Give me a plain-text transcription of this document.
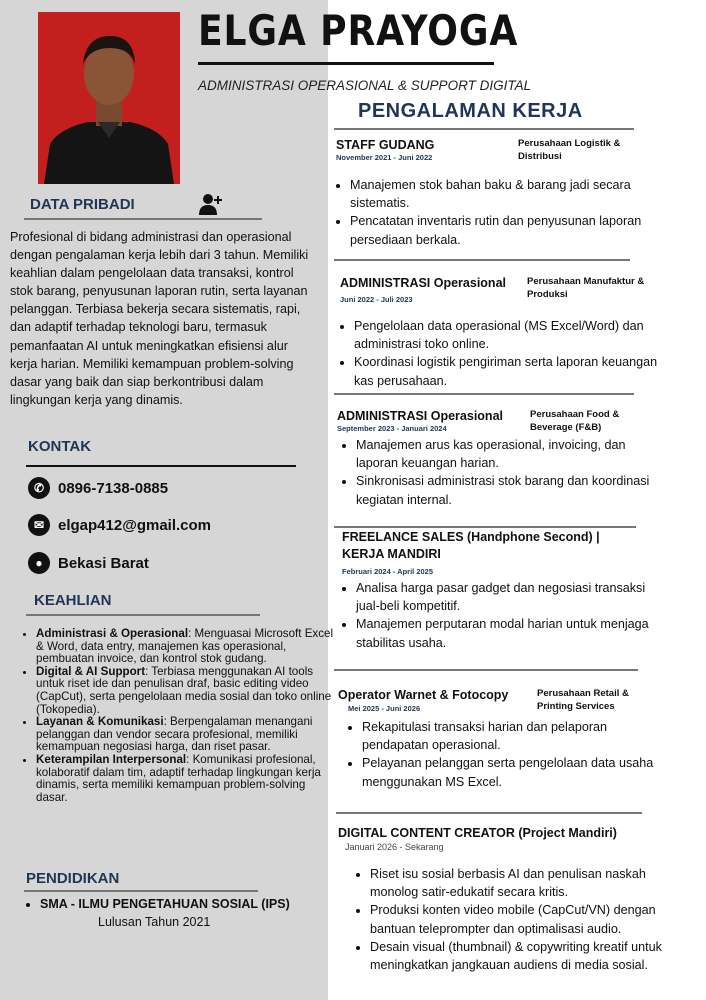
ELGA PRAYOGA
ADMINISTRASI OPERASIONAL & SUPPORT DIGITAL
DATA PRIBADI
Profesional di bidang administrasi dan operasional dengan pengalaman kerja lebih dari 3 tahun. Memiliki keahlian dalam pengelolaan data transaksi, kontrol stok barang, penyusunan laporan rutin, serta layanan pelanggan. Terbiasa bekerja secara sistematis, rapi, dan adaptif terhadap teknologi baru, termasuk pemanfaatan AI untuk meningkatkan efisiensi alur kerja harian. Memiliki kemampuan problem-solving dasar yang baik dan siap berkontribusi dalam lingkungan kerja yang dinamis.
KONTAK
✆ 0896-7138-0885
✉ elgap412@gmail.com
●	Bekasi Barat
KEAHLIAN
• Administrasi & Operasional: Menguasai Microsoft Excel & Word, data entry, manajemen kas operasional, pembuatan invoice, dan kontrol stok gudang.
• Digital & AI Support: Terbiasa menggunakan AI tools untuk riset ide dan penulisan draf, basic editing video (CapCut), serta pengelolaan media sosial dan toko online (Tokopedia).
• Layanan & Komunikasi: Berpengalaman menangani pelanggan dan vendor secara profesional, memiliki kemampuan negosiasi harga, dan riset pasar.
• Keterampilan Interpersonal: Komunikasi profesional, kolaboratif dalam tim, adaptif terhadap lingkungan kerja dinamis, serta memiliki kemampuan problem-solving dasar.
PENDIDIKAN
• SMA - ILMU PENGETAHUAN SOSIAL (IPS)
Lulusan Tahun 2021
PENGALAMAN KERJA
STAFF GUDANG
November 2021 - Juni 2022
Perusahaan Logistik & Distribusi
• Manajemen stok bahan baku & barang jadi secara sistematis.
• Pencatatan inventaris rutin dan penyusunan laporan persediaan berkala.
ADMINISTRASI Operasional
Juni 2022 - Juli 2023
Perusahaan Manufaktur & Produksi
• Pengelolaan data operasional (MS Excel/Word) dan administrasi toko online.
• Koordinasi logistik pengiriman serta laporan keuangan kas perusahaan.
ADMINISTRASI Operasional
September 2023 - Januari 2024
Perusahaan Food & Beverage (F&B)
• Manajemen arus kas operasional, invoicing, dan laporan keuangan harian.
• Sinkronisasi administrasi stok barang dan koordinasi kegiatan internal.
FREELANCE SALES (Handphone Second) |
KERJA MANDIRI
Februari 2024 - April 2025
• Analisa harga pasar gadget dan negosiasi transaksi jual-beli kompetitif.
• Manajemen perputaran modal harian untuk menjaga stabilitas usaha.
Operator Warnet & Fotocopy
Mei 2025 - Juni 2026
Perusahaan Retail & Printing Services
• Rekapitulasi transaksi harian dan pelaporan pendapatan operasional.
• Pelayanan pelanggan serta pengelolaan data usaha menggunakan MS Excel.
DIGITAL CONTENT CREATOR (Project Mandiri)
Januari 2026 - Sekarang
• Riset isu sosial berbasis AI dan penulisan naskah monolog satir-edukatif secara kritis.
• Produksi konten video mobile (CapCut/VN) dengan bantuan teleprompter dan optimalisasi audio.
• Desain visual (thumbnail) & copywriting kreatif untuk meningkatkan jangkauan audiens di media sosial.
